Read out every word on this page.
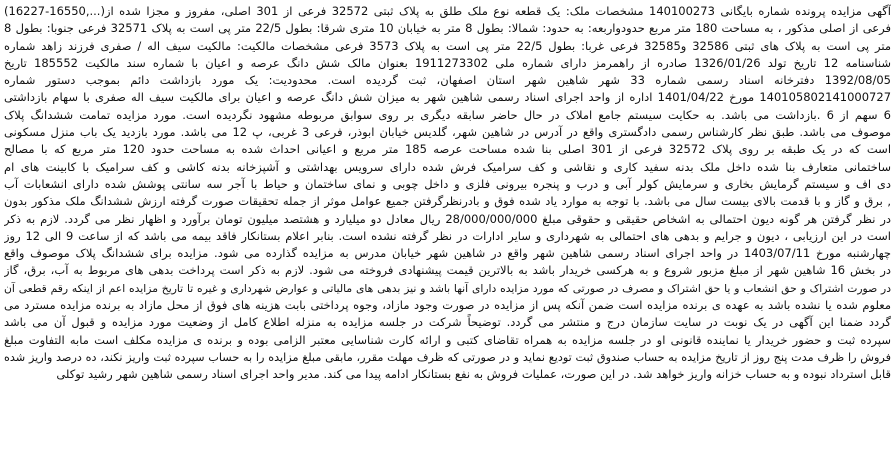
آگهی مزایده پرونده شماره بایگانی 140100273 مشخصات ملک: یک قطعه نوع ملک طلق به پلاک ثبتی 32572 فرعی از 301 اصلی، مفروز و مجزا شده از(...,16550-16227)
فرعی از اصلی مذکور ، به مساحت 180 متر مربع حدودواربعه: به حدود: شمالا: بطول 8 متر به خیابان 10 متری شرقا: بطول 22/5 متر پی است به پلاک 32571 فرعی جنوبا: بطول 8
متر پی است به پلاک های ثبتی 32586 و32585 فرعی غربا: بطول 22/5 متر پی است به پلاک 3573 فرعی مشخصات مالکیت: مالکیت سیف اله / صفری فرزند زاهد شماره
شناسنامه 12 تاریخ تولد 1326/01/26 صادره از راهمرمز دارای شماره ملی 1911273302 بعنوان مالک شش دانگ عرصه و اعیان با شماره سند مالکیت 185552 تاریخ
1392/08/05 دفترخانه اسناد رسمی شماره 33 شهر شاهین شهر استان اصفهان، ثبت گردیده است. محدودیت: یک مورد بازداشت دائم بموجب دستور شماره
140105802141000727 مورخ 1401/04/22 اداره از واحد اجرای اسناد رسمی شاهین شهر به میزان شش دانگ عرصه و اعیان برای مالکیت سیف اله صفری با سهام بازداشتی
6 سهم از 6 .بازداشت می باشد. به حکایت سیستم جامع املاک در حال حاضر سابقه دیگری بر روی سوابق مربوطه مشهود نگردیده است. مورد مزایده تمامت ششدانگ پلاک
موصوف می باشد. طبق نظر کارشناس رسمی دادگستری واقع در آدرس در شاهین شهر، گلدیس خیابان ابوذر، فرعی 3 غربی، پ 12 می باشد. مورد بازدید یک باب منزل مسکونی
است که در یک طبقه بر روی پلاک 32572 فرعی از 301 اصلی بنا شده مساحت عرصه 185 متر مربع و اعیانی احداث شده به مساحت حدود 120 متر مربع که با مصالح
ساختمانی متعارف بنا شده داخل ملک بدنه سفید کاری و نقاشی و کف سرامیک فرش شده دارای سرویس بهداشتی و آشپزخانه بدنه کاشی و کف سرامیک با کابینت های ام
دی اف و سیستم گرمایش بخاری و سرمایش کولر آبی و درب و پنجره بیرونی فلزی و داخل چوبی و نمای ساختمان و حیاط با آجر سه سانتی پوشش شده دارای انشعابات آب
, برق و گاز و با قدمت بالای بیست سال می باشد. با توجه به موارد یاد شده فوق و بادرنظرگرفتن جمیع عوامل موثر از جمله تحقیقات صورت گرفته ارزش ششدانگ ملک مذکور بدون
در نظر گرفتن هر گونه دیون احتمالی به اشخاص حقیقی و حقوقی مبلغ 28/000/000/000 ریال معادل دو میلیارد و هشتصد میلیون تومان برآورد و اظهار نظر می گردد. لازم به ذکر
است در این ارزیابی ، دیون و جرایم و بدهی های احتمالی به شهرداری و سایر ادارات در نظر گرفته نشده است. بنابر اعلام بستانکار فاقد بیمه می باشد که از ساعت 9 الی 12 روز
چهارشنبه مورخ 1403/07/11 در واحد اجرای اسناد رسمی شاهین شهر واقع در شاهین شهر خیابان مدرس به مزایده گذارده می شود. مزایده برای ششدانگ پلاک موصوف واقع
در بخش 16 شاهین شهر از مبلغ مزبور شروع و به هرکسی خریدار باشد به بالاترین قیمت پیشنهادی فروخته می شود. لازم به ذکر است پرداخت بدهی های مربوط به آب، برق، گاز
در صورت اشتراک و حق انشعاب و یا حق اشتراک و مصرف در صورتی که مورد مزایده دارای آنها باشد و نیز بدهی های مالیاتی و عوارض شهرداری و غیره تا تاریخ مزایده اعم از اینکه رقم قطعی آن
معلوم شده یا نشده باشد به عهده ی برنده مزایده است ضمن آنکه پس از مزایده در صورت وجود مازاد، وجوه پرداختی بابت هزینه های فوق از محل مازاد به برنده مزایده مسترد می
گردد ضمنا این آگهی در یک نوبت در سایت سازمان درج و منتشر می گردد. توضیحاً شرکت در جلسه مزایده به منزله اطلاع کامل از وضعیت مورد مزایده و قبول آن می باشد
سپرده ثبت و حضور خریدار یا نماینده قانونی او در جلسه مزایده به همراه تقاضای کتبی و ارائه کارت شناسایی معتبر الزامی بوده و برنده ی مزایده مکلف است مابه التفاوت مبلغ
فروش را ظرف مدت پنج روز از تاریخ مزایده به حساب صندوق ثبت تودیع نماید و در صورتی که ظرف مهلت مقرر، مابقی مبلغ مزایده را به حساب سپرده ثبت واریز نکند، ده درصد واریز شده
قابل استرداد نبوده و به حساب خزانه واریز خواهد شد. در این صورت، عملیات فروش به نفع بستانکار ادامه پیدا می کند. مدیر واحد اجرای اسناد رسمی شاهین شهر رشید توکلی
